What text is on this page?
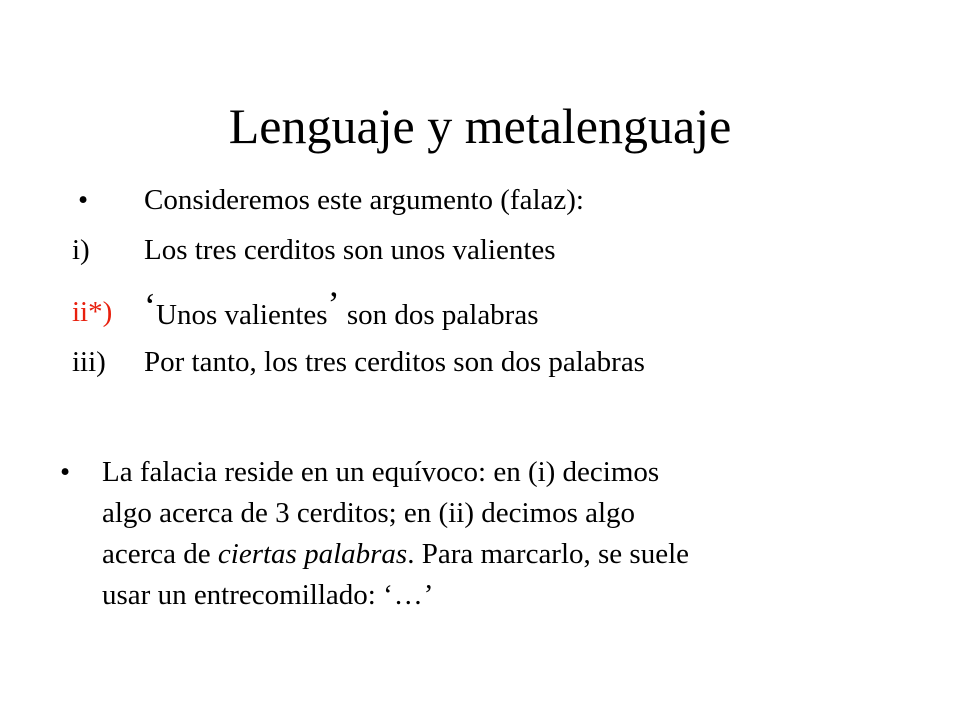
Lenguaje y metalenguaje
•	Consideremos este argumento (falaz):
i)	Los tres cerditos son unos valientes
ii*) ‘Unos valientes’ son dos palabras
iii)	Por tanto, los tres cerditos son dos palabras
• La falacia reside en un equívoco: en (i) decimos
algo acerca de 3 cerditos; en (ii) decimos algo
acerca de ciertas palabras. Para marcarlo, se suele
usar un entrecomillado: ‘…’
